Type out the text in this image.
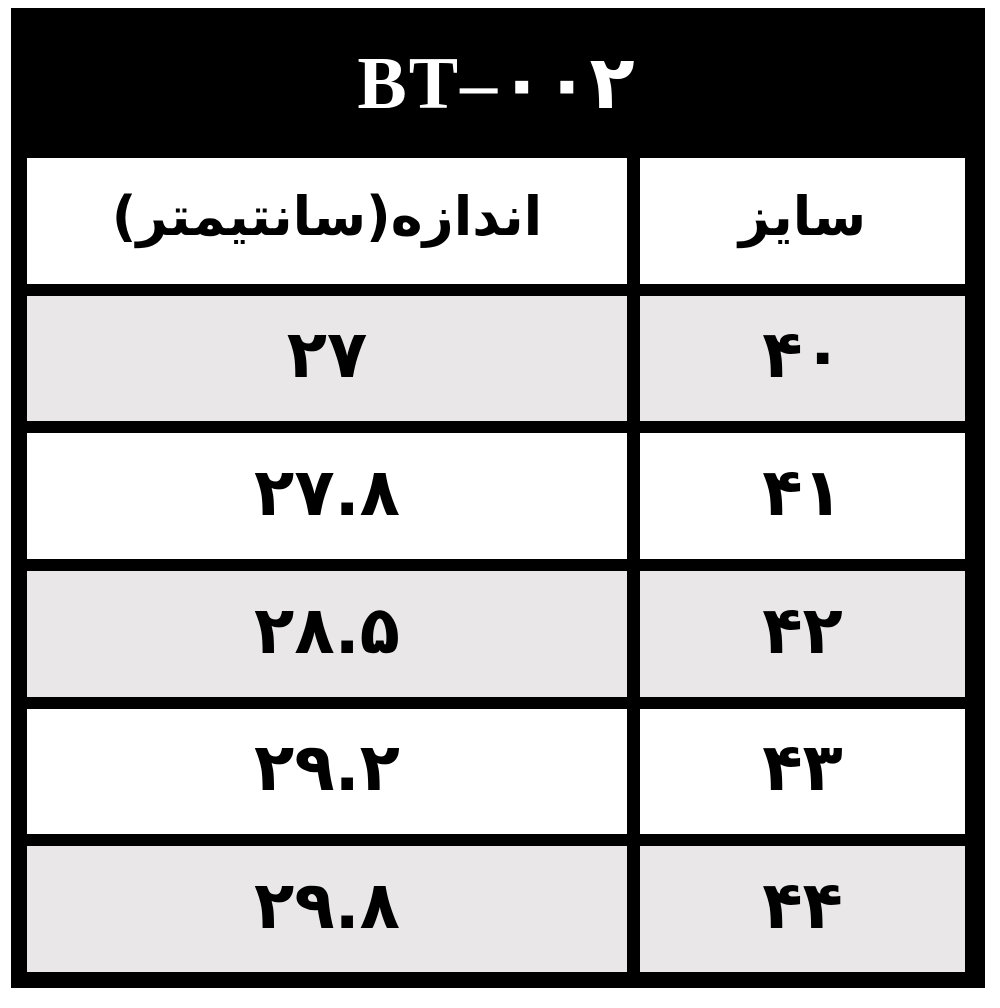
BT–۰۰۲
اندازه(سانتیمتر)	سایز
۲۷	۴۰
۲۷.۸	۴۱
۲۸.۵	۴۲
۲۹.۲	۴۳
۲۹.۸	۴۴
